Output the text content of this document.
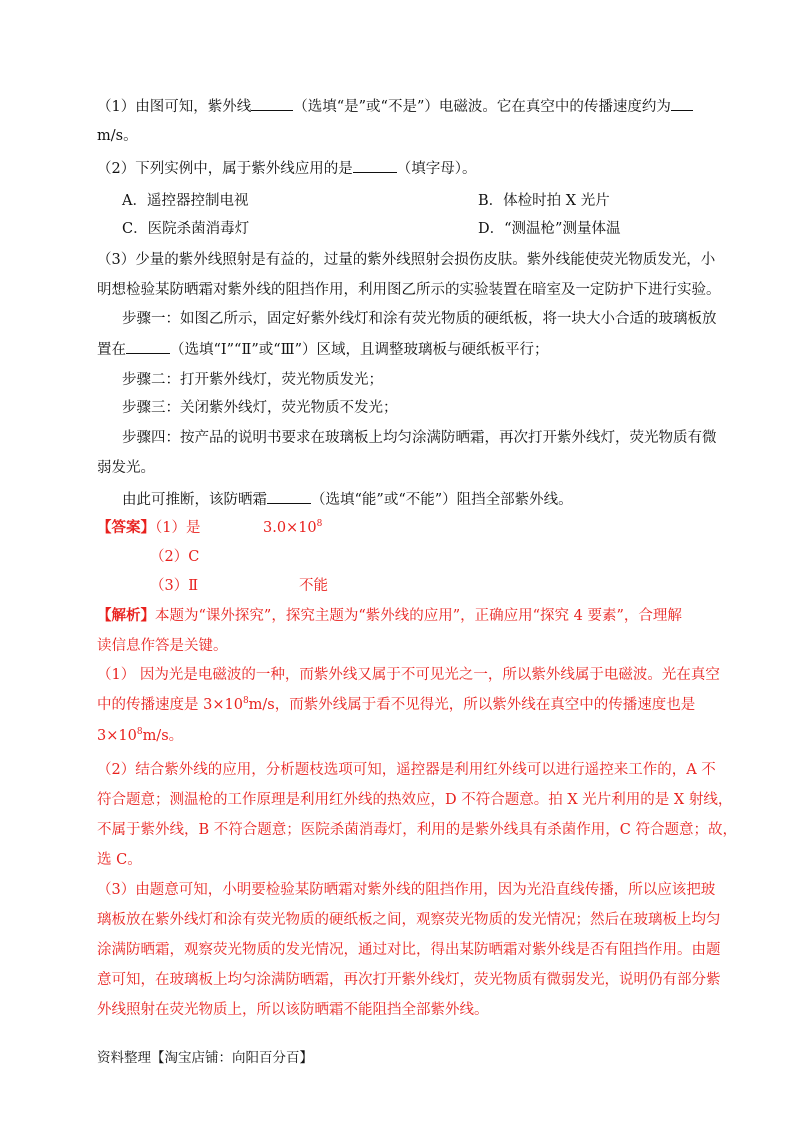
（1）由图可知，紫外线	（选填“是”或“不是”）电磁波。它在真空中的传播速度约为
m/s。
（2）下列实例中，属于紫外线应用的是	（填字母）。
A．遥控器控制电视	B．体检时拍 X 光片
C．医院杀菌消毒灯	D．“测温枪”测量体温
（3）少量的紫外线照射是有益的，过量的紫外线照射会损伤皮肤。紫外线能使荧光物质发光，小
明想检验某防晒霜对紫外线的阻挡作用，利用图乙所示的实验装置在暗室及一定防护下进行实验。
步骤一：如图乙所示，固定好紫外线灯和涂有荧光物质的硬纸板，将一块大小合适的玻璃板放
置在	（选填“I”“Ⅱ”或“Ⅲ”）区域，且调整玻璃板与硬纸板平行；
步骤二：打开紫外线灯，荧光物质发光；
步骤三：关闭紫外线灯，荧光物质不发光；
步骤四：按产品的说明书要求在玻璃板上均匀涂满防晒霜，再次打开紫外线灯，荧光物质有微
弱发光。
由此可推断，该防晒霜	（选填“能”或“不能”）阻挡全部紫外线。
【答案】（1）是	$3.0\times 10^8$
（2）C
（3）Ⅱ	不能
【解析】本题为“课外探究”，探究主题为“紫外线的应用”，正确应用“探究 4 要素”，合理解
读信息作答是关键。
（1） 因为光是电磁波的一种，而紫外线又属于不可见光之一，所以紫外线属于电磁波。光在真空
中的传播速度是 $3\times 10^8m/s$，而紫外线属于看不见得光，所以紫外线在真空中的传播速度也是
$3\times 10^8m/s$。
（2）结合紫外线的应用，分析题枝选项可知，遥控器是利用红外线可以进行遥控来工作的，A 不
符合题意；测温枪的工作原理是利用红外线的热效应，D 不符合题意。拍 X 光片利用的是 X 射线，
不属于紫外线，B 不符合题意；医院杀菌消毒灯，利用的是紫外线具有杀菌作用，C 符合题意；故，
选 C。
（3）由题意可知，小明要检验某防晒霜对紫外线的阻挡作用，因为光沿直线传播，所以应该把玻
璃板放在紫外线灯和涂有荧光物质的硬纸板之间，观察荧光物质的发光情况；然后在玻璃板上均匀
涂满防晒霜，观察荧光物质的发光情况，通过对比，得出某防晒霜对紫外线是否有阻挡作用。由题
意可知，在玻璃板上均匀涂满防晒霜，再次打开紫外线灯，荧光物质有微弱发光，说明仍有部分紫
外线照射在荧光物质上，所以该防晒霜不能阻挡全部紫外线。
资料整理【淘宝店铺：向阳百分百】
